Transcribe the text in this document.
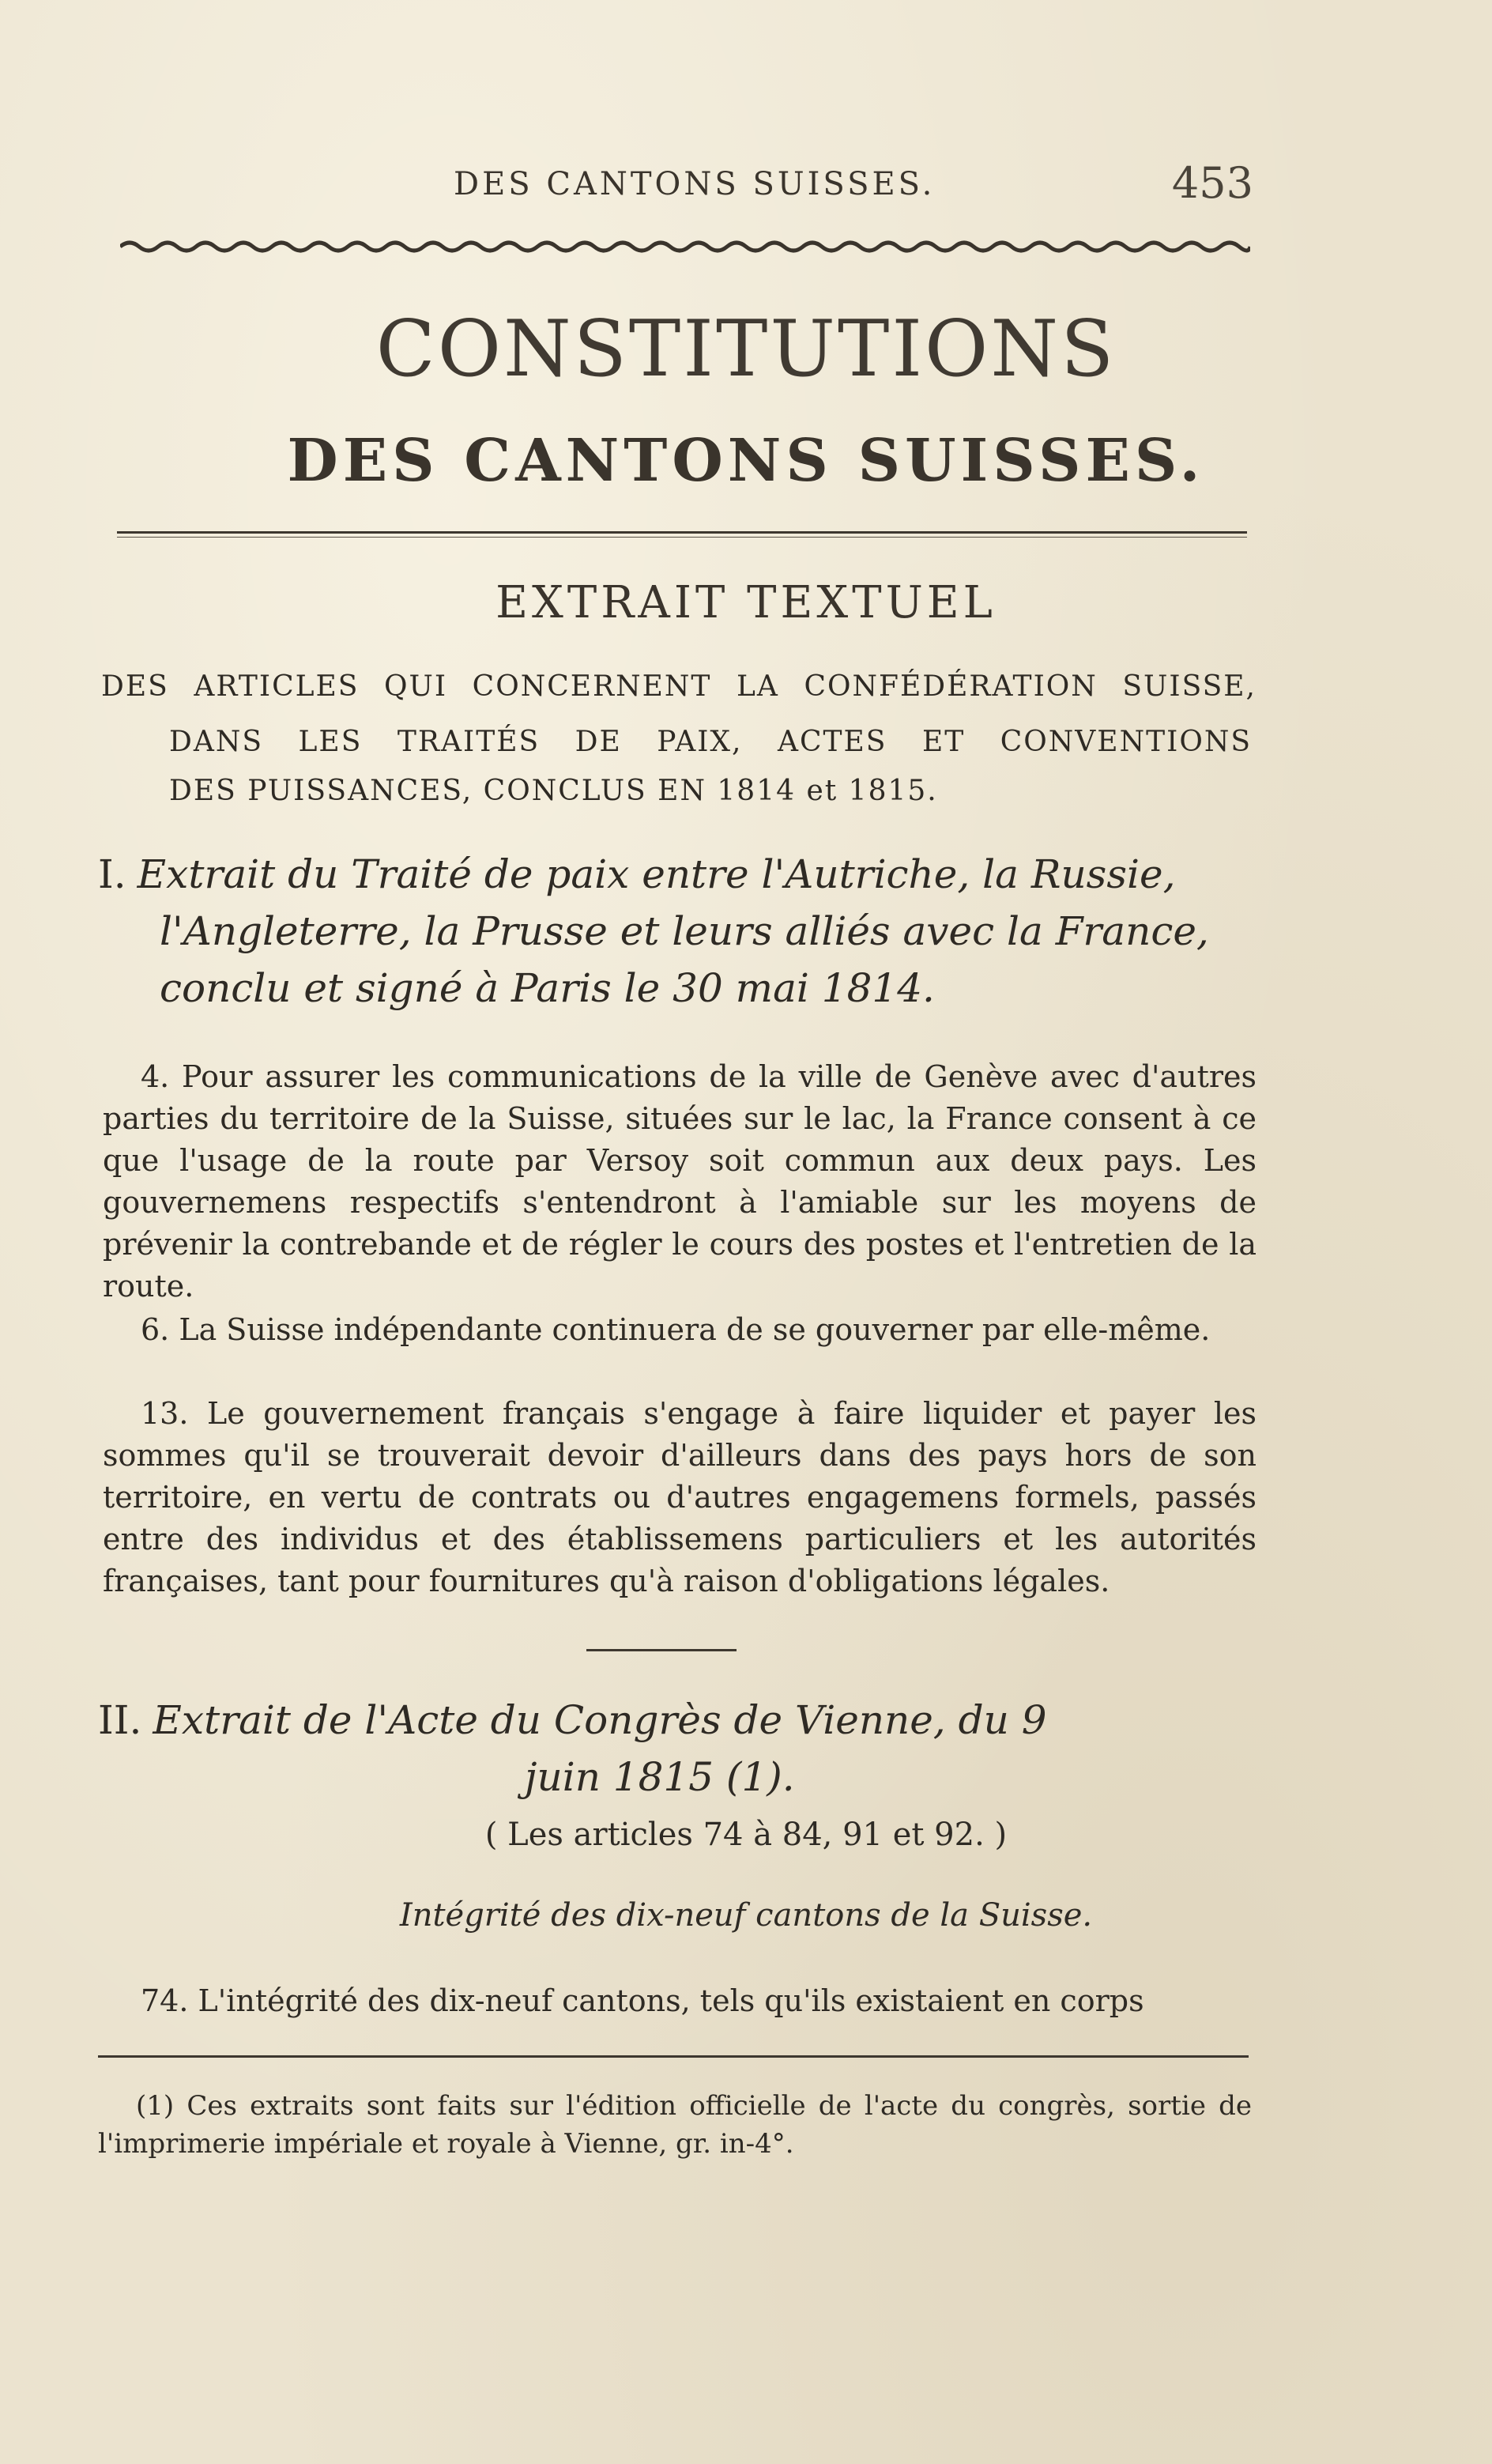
DES CANTONS SUISSES.	453
CONSTITUTIONS
DES CANTONS SUISSES.
EXTRAIT TEXTUEL
DES ARTICLES QUI CONCERNENT LA CONFÉDÉRATION SUISSE,
DANS LES TRAITÉS DE PAIX, ACTES ET CONVENTIONS
DES PUISSANCES, CONCLUS EN 1814 et 1815.
I. Extrait du Traité de paix entre l'Autriche, la Russie,
l'Angleterre, la Prusse et leurs alliés avec la France,
conclu et signé à Paris le 30 mai 1814.

4. Pour assurer les communications de la ville de Genève avec d'autres parties du territoire de la Suisse, situées sur le lac, la France consent à ce que l'usage de la route par Versoy soit commun aux deux pays. Les gouvernemens respectifs s'entendront à l'amiable sur les moyens de prévenir la contrebande et de régler le cours des postes et l'entretien de la route.

6. La Suisse indépendante continuera de se gouverner par elle-même.

13. Le gouvernement français s'engage à faire liquider et payer les sommes qu'il se trouverait devoir d'ailleurs dans des pays hors de son territoire, en vertu de contrats ou d'autres engagemens formels, passés entre des individus et des établissemens particuliers et les autorités françaises, tant pour fournitures qu'à raison d'obligations légales.

II. Extrait de l'Acte du Congrès de Vienne, du 9
juin 1815 (1).
( Les articles 74 à 84, 91 et 92. )
Intégrité des dix-neuf cantons de la Suisse.

74. L'intégrité des dix-neuf cantons, tels qu'ils existaient en corps

(1) Ces extraits sont faits sur l'édition officielle de l'acte du congrès, sortie de l'imprimerie impériale et royale à Vienne, gr. in-4°.
